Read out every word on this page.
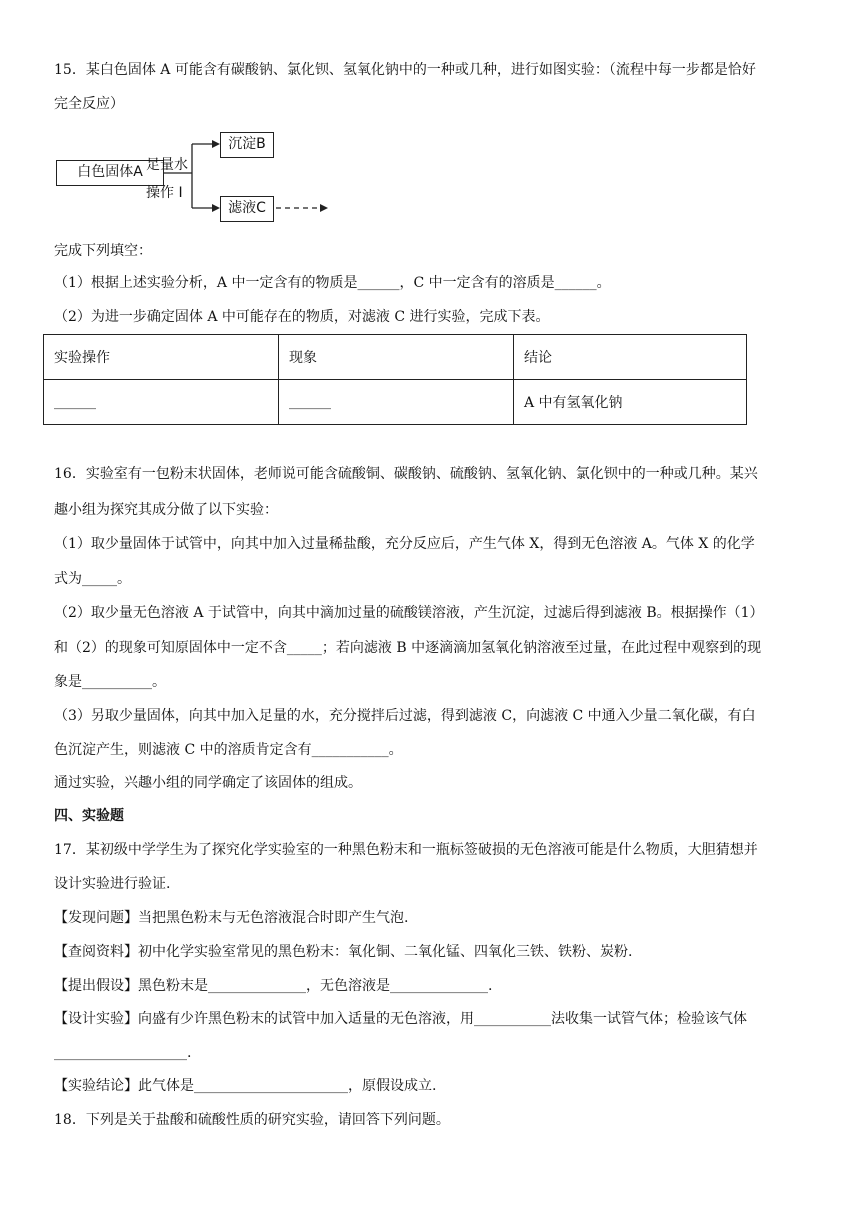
15．某白色固体 A 可能含有碳酸钠、氯化钡、氢氧化钠中的一种或几种，进行如图实验：（流程中每一步都是恰好
完全反应）
白色固体A
沉淀B
滤液C
足量水
操作 I
完成下列填空：
（1）根据上述实验分析，A 中一定含有的物质是______，C 中一定含有的溶质是______。
（2）为进一步确定固体 A 中可能存在的物质，对滤液 C 进行实验，完成下表。
实验操作	现象	结论
______	______	A 中有氢氧化钠
16．实验室有一包粉末状固体，老师说可能含硫酸铜、碳酸钠、硫酸钠、氢氧化钠、氯化钡中的一种或几种。某兴
趣小组为探究其成分做了以下实验：
（1）取少量固体于试管中，向其中加入过量稀盐酸，充分反应后，产生气体 X，得到无色溶液 A。气体 X 的化学
式为_____。
（2）取少量无色溶液 A 于试管中，向其中滴加过量的硫酸镁溶液，产生沉淀，过滤后得到滤液 B。根据操作（1）
和（2）的现象可知原固体中一定不含_____；若向滤液 B 中逐滴滴加氢氧化钠溶液至过量，在此过程中观察到的现
象是__________。
（3）另取少量固体，向其中加入足量的水，充分搅拌后过滤，得到滤液 C，向滤液 C 中通入少量二氧化碳，有白
色沉淀产生，则滤液 C 中的溶质肯定含有___________。
通过实验，兴趣小组的同学确定了该固体的组成。
四、实验题
17．某初级中学学生为了探究化学实验室的一种黑色粉末和一瓶标签破损的无色溶液可能是什么物质，大胆猜想并
设计实验进行验证.
【发现问题】当把黑色粉末与无色溶液混合时即产生气泡.
【查阅资料】初中化学实验室常见的黑色粉末：氧化铜、二氧化锰、四氧化三铁、铁粉、炭粉.
【提出假设】黑色粉末是______________，无色溶液是______________.
【设计实验】向盛有少许黑色粉末的试管中加入适量的无色溶液，用___________法收集一试管气体；检验该气体
___________________.
【实验结论】此气体是______________________，原假设成立.
18．下列是关于盐酸和硫酸性质的研究实验，请回答下列问题。
